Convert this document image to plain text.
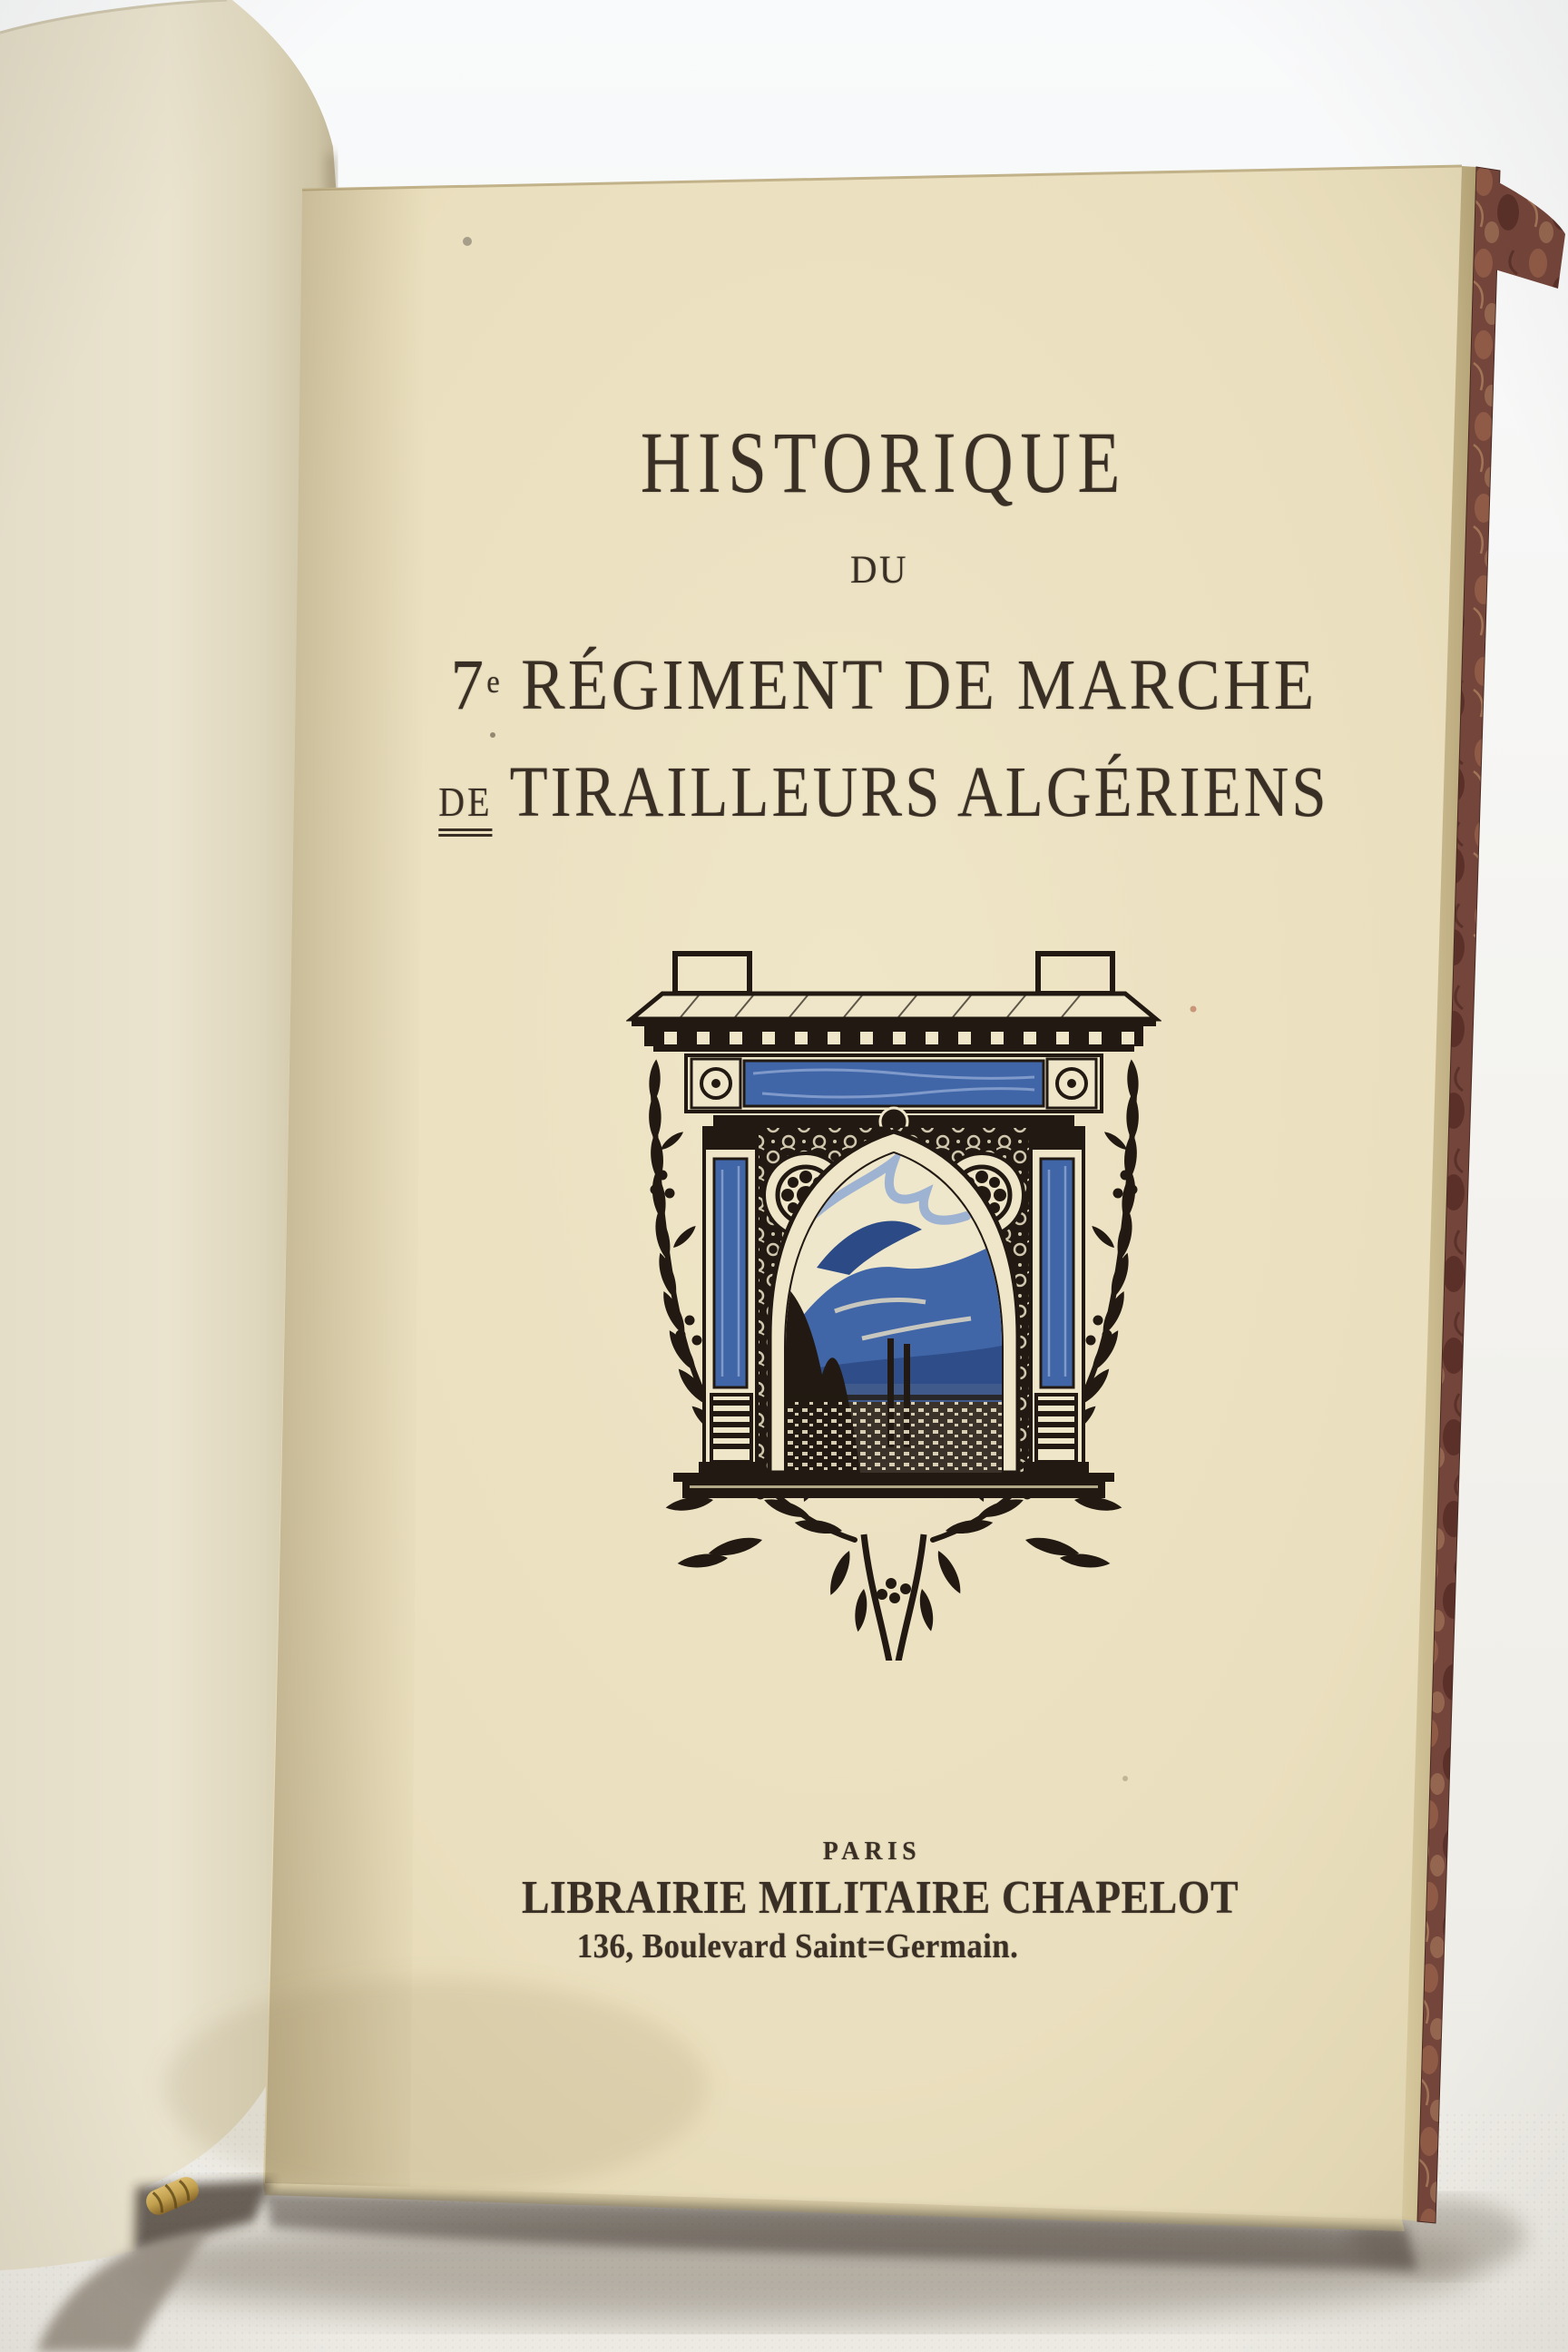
HISTORIQUE
DU
7e RÉGIMENT DE MARCHE
DE TIRAILLEURS ALGÉRIENS
PARIS
LIBRAIRIE MILITAIRE CHAPELOT
136, Boulevard Saint=Germain.
